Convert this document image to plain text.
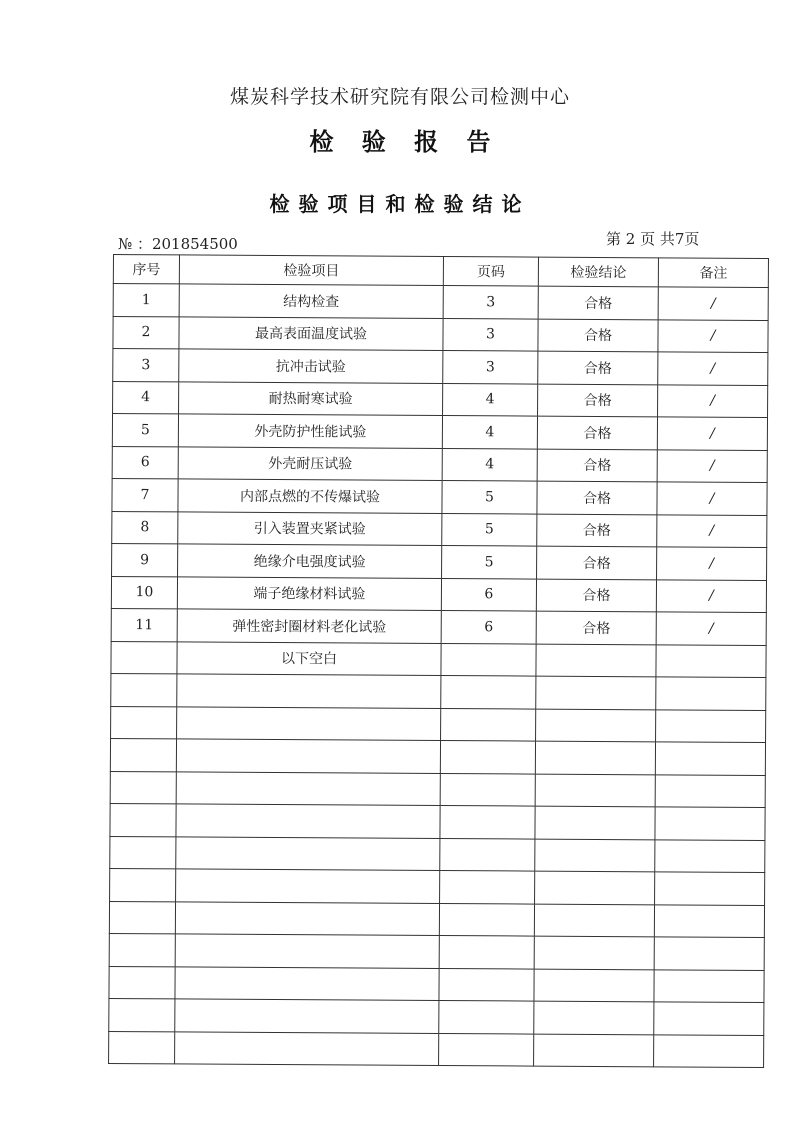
煤炭科学技术研究院有限公司检测中心
检 验 报 告
检验项目和检验结论
№ ：201854500	第 2 页 共7页
序号	检验项目	页码	检验结论	备注
1	结构检查	3	合格	/
2	最高表面温度试验	3	合格	/
3	抗冲击试验	3	合格	/
4	耐热耐寒试验	4	合格	/
5	外壳防护性能试验	4	合格	/
6	外壳耐压试验	4	合格	/
7	内部点燃的不传爆试验	5	合格	/
8	引入装置夹紧试验	5	合格	/
9	绝缘介电强度试验	5	合格	/
10	端子绝缘材料试验	6	合格	/
11	弹性密封圈材料老化试验	6	合格	/
	以下空白			
